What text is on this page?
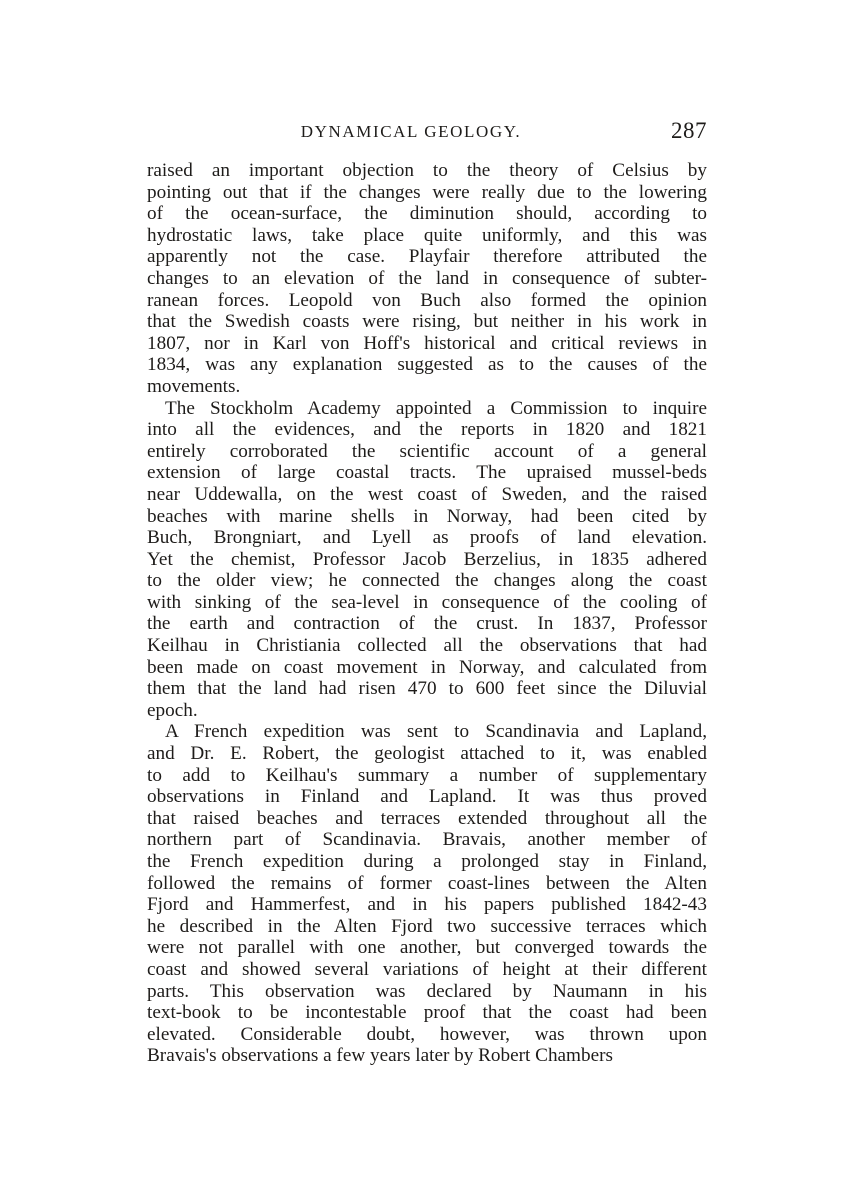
DYNAMICAL GEOLOGY.	287
raised an important objection to the theory of Celsius by
pointing out that if the changes were really due to the lowering
of the ocean-surface, the diminution should, according to
hydrostatic laws, take place quite uniformly, and this was
apparently not the case. Playfair therefore attributed the
changes to an elevation of the land in consequence of subter-
ranean forces. Leopold von Buch also formed the opinion
that the Swedish coasts were rising, but neither in his work in
1807, nor in Karl von Hoff's historical and critical reviews in
1834, was any explanation suggested as to the causes of the
movements.
The Stockholm Academy appointed a Commission to inquire
into all the evidences, and the reports in 1820 and 1821
entirely corroborated the scientific account of a general
extension of large coastal tracts. The upraised mussel-beds
near Uddewalla, on the west coast of Sweden, and the raised
beaches with marine shells in Norway, had been cited by
Buch, Brongniart, and Lyell as proofs of land elevation.
Yet the chemist, Professor Jacob Berzelius, in 1835 adhered
to the older view; he connected the changes along the coast
with sinking of the sea-level in consequence of the cooling of
the earth and contraction of the crust. In 1837, Professor
Keilhau in Christiania collected all the observations that had
been made on coast movement in Norway, and calculated from
them that the land had risen 470 to 600 feet since the Diluvial
epoch.
A French expedition was sent to Scandinavia and Lapland,
and Dr. E. Robert, the geologist attached to it, was enabled
to add to Keilhau's summary a number of supplementary
observations in Finland and Lapland. It was thus proved
that raised beaches and terraces extended throughout all the
northern part of Scandinavia. Bravais, another member of
the French expedition during a prolonged stay in Finland,
followed the remains of former coast-lines between the Alten
Fjord and Hammerfest, and in his papers published 1842-43
he described in the Alten Fjord two successive terraces which
were not parallel with one another, but converged towards the
coast and showed several variations of height at their different
parts. This observation was declared by Naumann in his
text-book to be incontestable proof that the coast had been
elevated. Considerable doubt, however, was thrown upon
Bravais's observations a few years later by Robert Chambers
